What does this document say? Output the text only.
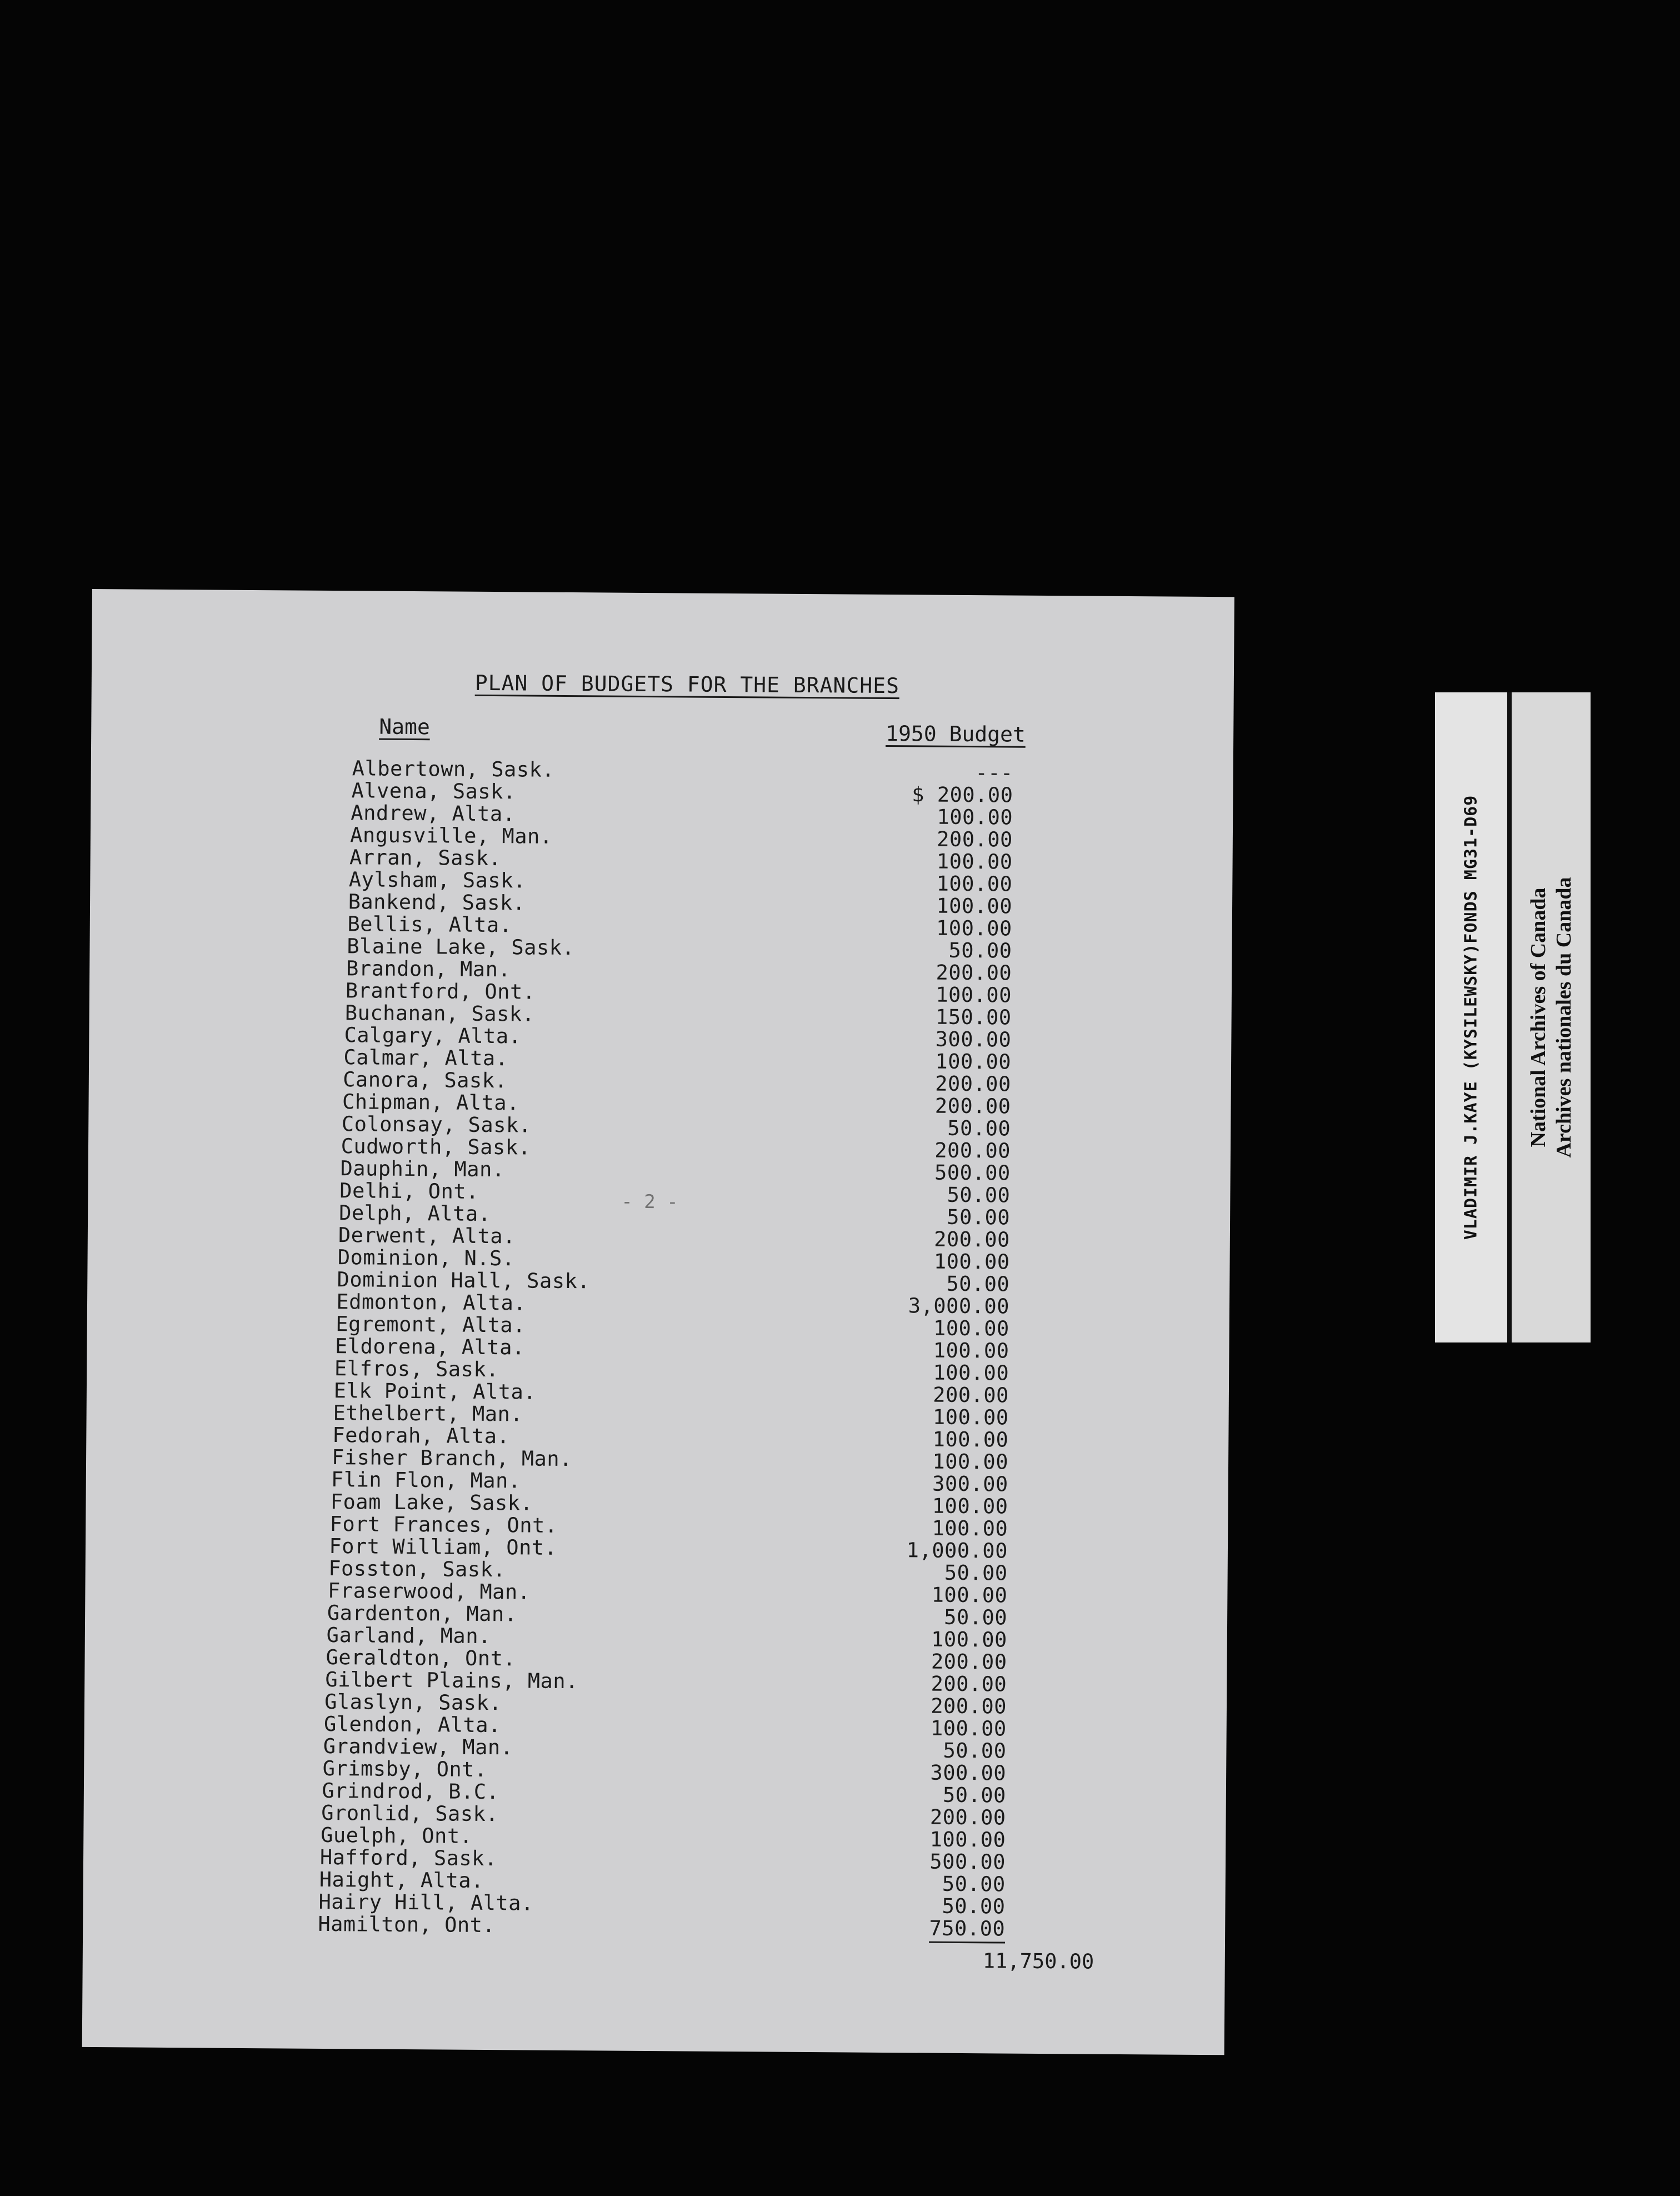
PLAN OF BUDGETS FOR THE BRANCHES
Name	1950 Budget
- 2 -
Albertown, Sask.	---
Alvena, Sask.	$ 200.00
Andrew, Alta.	100.00
Angusville, Man.	200.00
Arran, Sask.	100.00
Aylsham, Sask.	100.00
Bankend, Sask.	100.00
Bellis, Alta.	100.00
Blaine Lake, Sask.	50.00
Brandon, Man.	200.00
Brantford, Ont.	100.00
Buchanan, Sask.	150.00
Calgary, Alta.	300.00
Calmar, Alta.	100.00
Canora, Sask.	200.00
Chipman, Alta.	200.00
Colonsay, Sask.	50.00
Cudworth, Sask.	200.00
Dauphin, Man.	500.00
Delhi, Ont.	50.00
Delph, Alta.	50.00
Derwent, Alta.	200.00
Dominion, N.S.	100.00
Dominion Hall, Sask.	50.00
Edmonton, Alta.	3,000.00
Egremont, Alta.	100.00
Eldorena, Alta.	100.00
Elfros, Sask.	100.00
Elk Point, Alta.	200.00
Ethelbert, Man.	100.00
Fedorah, Alta.	100.00
Fisher Branch, Man.	100.00
Flin Flon, Man.	300.00
Foam Lake, Sask.	100.00
Fort Frances, Ont.	100.00
Fort William, Ont.	1,000.00
Fosston, Sask.	50.00
Fraserwood, Man.	100.00
Gardenton, Man.	50.00
Garland, Man.	100.00
Geraldton, Ont.	200.00
Gilbert Plains, Man.	200.00
Glaslyn, Sask.	200.00
Glendon, Alta.	100.00
Grandview, Man.	50.00
Grimsby, Ont.	300.00
Grindrod, B.C.	50.00
Gronlid, Sask.	200.00
Guelph, Ont.	100.00
Hafford, Sask.	500.00
Haight, Alta.	50.00
Hairy Hill, Alta.	50.00
Hamilton, Ont.	750.00
11,750.00
VLADIMIR J.KAYE (KYSILEWSKY)FONDS MG31-D69 National Archives of Canada Archives nationales du Canada
